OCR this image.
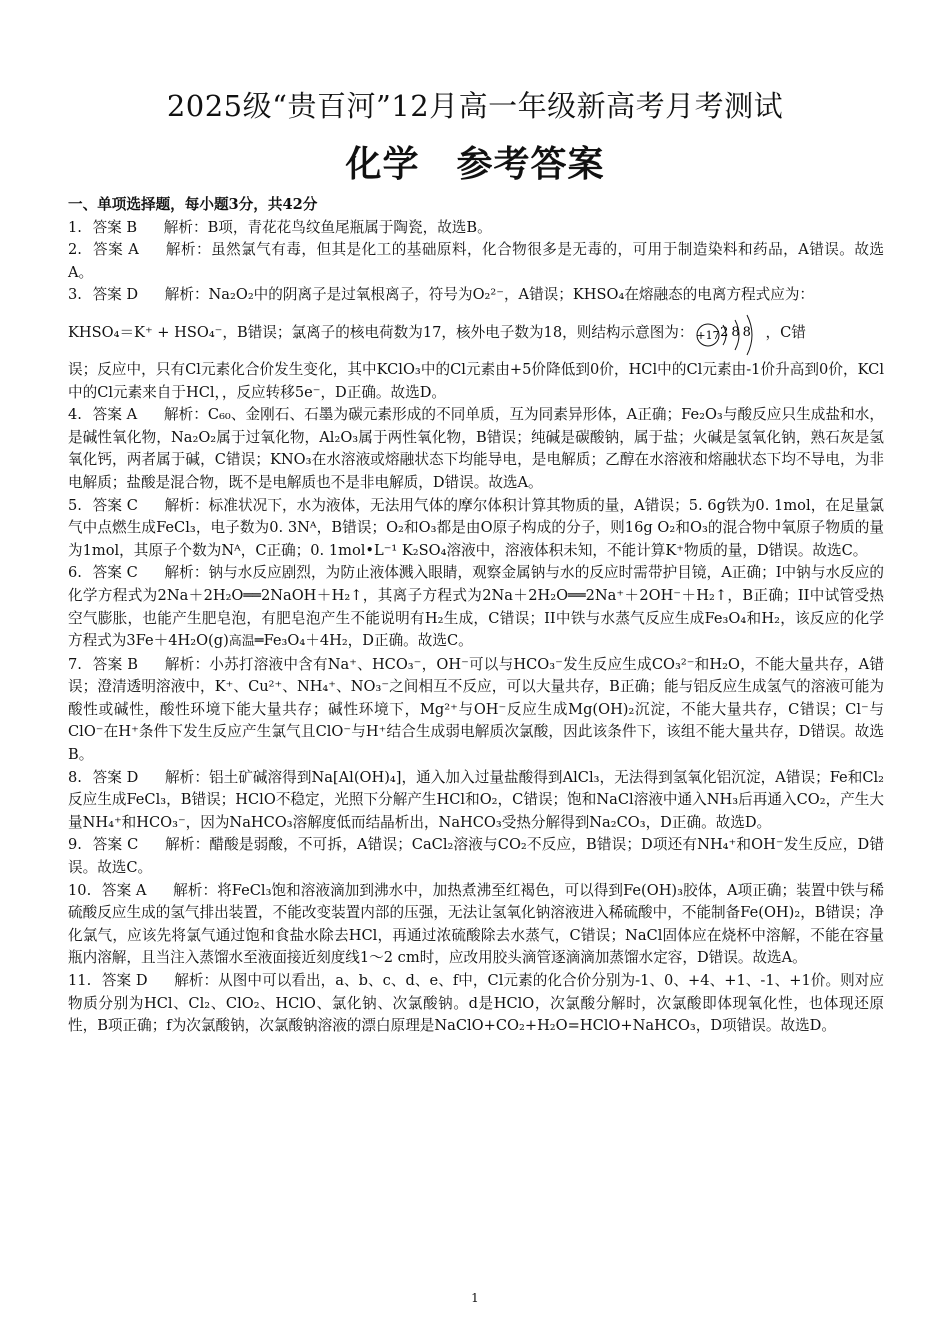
2025级“贵百河”12月高一年级新高考月考测试
化学　参考答案

一、单项选择题，每小题3分，共42分

1. 答案 B 解析：B项，青花花鸟纹鱼尾瓶属于陶瓷，故选B。

2. 答案 A 解析：虽然氯气有毒，但其是化工的基础原料，化合物很多是无毒的，可用于制造染料和药品，A错误。故选A。

3. 答案 D 解析：Na₂O₂中的阴离子是过氧根离子，符号为O₂²⁻，A错误；KHSO₄在熔融态的电离方程式应为：

KHSO₄＝K⁺ + HSO₄⁻，B错误；氯离子的核电荷数为17，核外电子数为18，则结构示意图为： +17 288 ，C错

误；反应中，只有Cl元素化合价发生变化，其中KClO₃中的Cl元素由+5价降低到0价，HCl中的Cl元素由-1价升高到0价，KCl中的Cl元素来自于HCl，，反应转移5e⁻，D正确。故选D。

4. 答案 A 解析：C₆₀、金刚石、石墨为碳元素形成的不同单质，互为同素异形体，A正确；Fe₂O₃与酸反应只生成盐和水，是碱性氧化物，Na₂O₂属于过氧化物，Al₂O₃属于两性氧化物，B错误；纯碱是碳酸钠，属于盐；火碱是氢氧化钠，熟石灰是氢氧化钙，两者属于碱，C错误；KNO₃在水溶液或熔融状态下均能导电，是电解质；乙醇在水溶液和熔融状态下均不导电，为非电解质；盐酸是混合物，既不是电解质也不是非电解质，D错误。故选A。

5. 答案 C 解析：标准状况下，水为液体，无法用气体的摩尔体积计算其物质的量，A错误；5. 6g铁为0. 1mol，在足量氯气中点燃生成FeCl₃，电子数为0. 3Nᴬ，B错误；O₂和O₃都是由O原子构成的分子，则16g O₂和O₃的混合物中氧原子物质的量为1mol，其原子个数为Nᴬ，C正确；0. 1mol•L⁻¹ K₂SO₄溶液中，溶液体积未知，不能计算K⁺物质的量，D错误。故选C。

6. 答案 C 解析：钠与水反应剧烈，为防止液体溅入眼睛，观察金属钠与水的反应时需带护目镜，A正确；I中钠与水反应的化学方程式为2Na＋2H₂O══2NaOH＋H₂↑，其离子方程式为2Na＋2H₂O══2Na⁺＋2OH⁻＋H₂↑，B正确；II中试管受热空气膨胀，也能产生肥皂泡，有肥皂泡产生不能说明有H₂生成，C错误；II中铁与水蒸气反应生成Fe₃O₄和H₂，该反应的化学方程式为3Fe＋4H₂O(g)高温═Fe₃O₄＋4H₂，D正确。故选C。

7. 答案 B 解析：小苏打溶液中含有Na⁺、HCO₃⁻，OH⁻可以与HCO₃⁻发生反应生成CO₃²⁻和H₂O，不能大量共存，A错误；澄清透明溶液中，K⁺、Cu²⁺、NH₄⁺、NO₃⁻之间相互不反应，可以大量共存，B正确；能与铝反应生成氢气的溶液可能为酸性或碱性，酸性环境下能大量共存；碱性环境下，Mg²⁺与OH⁻反应生成Mg(OH)₂沉淀，不能大量共存，C错误；Cl⁻与ClO⁻在H⁺条件下发生反应产生氯气且ClO⁻与H⁺结合生成弱电解质次氯酸，因此该条件下，该组不能大量共存，D错误。故选B。

8. 答案 D 解析：铝土矿碱溶得到Na[Al(OH)₄]，通入加入过量盐酸得到AlCl₃，无法得到氢氧化铝沉淀，A错误；Fe和Cl₂反应生成FeCl₃，B错误；HClO不稳定，光照下分解产生HCl和O₂，C错误；饱和NaCl溶液中通入NH₃后再通入CO₂，产生大量NH₄⁺和HCO₃⁻，因为NaHCO₃溶解度低而结晶析出，NaHCO₃受热分解得到Na₂CO₃，D正确。故选D。

9. 答案 C 解析：醋酸是弱酸，不可拆，A错误；CaCl₂溶液与CO₂不反应，B错误；D项还有NH₄⁺和OH⁻发生反应，D错误。故选C。

10. 答案 A 解析：将FeCl₃饱和溶液滴加到沸水中，加热煮沸至红褐色，可以得到Fe(OH)₃胶体，A项正确；装置中铁与稀硫酸反应生成的氢气排出装置，不能改变装置内部的压强，无法让氢氧化钠溶液进入稀硫酸中，不能制备Fe(OH)₂，B错误；净化氯气，应该先将氯气通过饱和食盐水除去HCl，再通过浓硫酸除去水蒸气，C错误；NaCl固体应在烧杯中溶解，不能在容量瓶内溶解，且当注入蒸馏水至液面接近刻度线1～2 cm时，应改用胶头滴管逐滴滴加蒸馏水定容，D错误。故选A。

11. 答案 D 解析：从图中可以看出，a、b、c、d、e、f中，Cl元素的化合价分别为-1、0、+4、+1、-1、+1价。则对应物质分别为HCl、Cl₂、ClO₂、HClO、氯化钠、次氯酸钠。d是HClO，次氯酸分解时，次氯酸即体现氧化性，也体现还原性，B项正确；f为次氯酸钠，次氯酸钠溶液的漂白原理是NaClO+CO₂+H₂O=HClO+NaHCO₃，D项错误。故选D。

1
